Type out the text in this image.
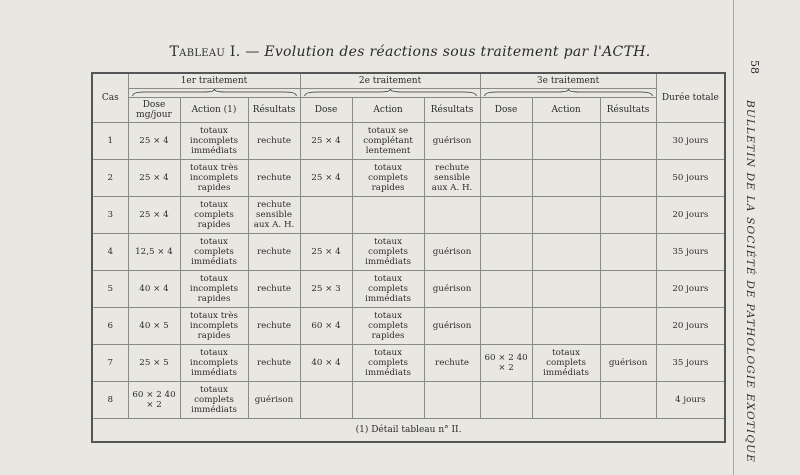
Tableau I. — Evolution des réactions sous traitement par l'ACTH.
58
BULLETIN DE LA SOCIÉTÉ DE PATHOLOGIE EXOTIQUE
Cas	1er traitement			2e traitement			3e traitement			Durée totale

	Dose mg/jour	Action (1)	Résultats	Dose	Action	Résultats	Dose	Action	Résultats	
1	25 × 4	totaux incomplets immédiats	rechute	25 × 4	totaux se complétant lentement	guérison				30 jours
2	25 × 4	totaux très incomplets rapides	rechute	25 × 4	totaux complets rapides	rechute sensible aux A. H.				50 jours
3	25 × 4	totaux complets rapides	rechute sensible aux A. H.							20 jours
4	12,5 × 4	totaux complets immédiats	rechute	25 × 4	totaux complets immédiats	guérison				35 jours
5	40 × 4	totaux incomplets rapides	rechute	25 × 3	totaux complets immédiats	guérison				20 jours
6	40 × 5	totaux très incomplets rapides	rechute	60 × 4	totaux complets rapides	guérison				20 jours
7	25 × 5	totaux incomplets immédiats	rechute	40 × 4	totaux complets immédiats	rechute	60 × 2 40 × 2	totaux complets immédiats	guérison	35 jours
8	60 × 2 40 × 2	totaux complets immédiats	guérison							4 jours
(1) Détail tableau n° II.										
